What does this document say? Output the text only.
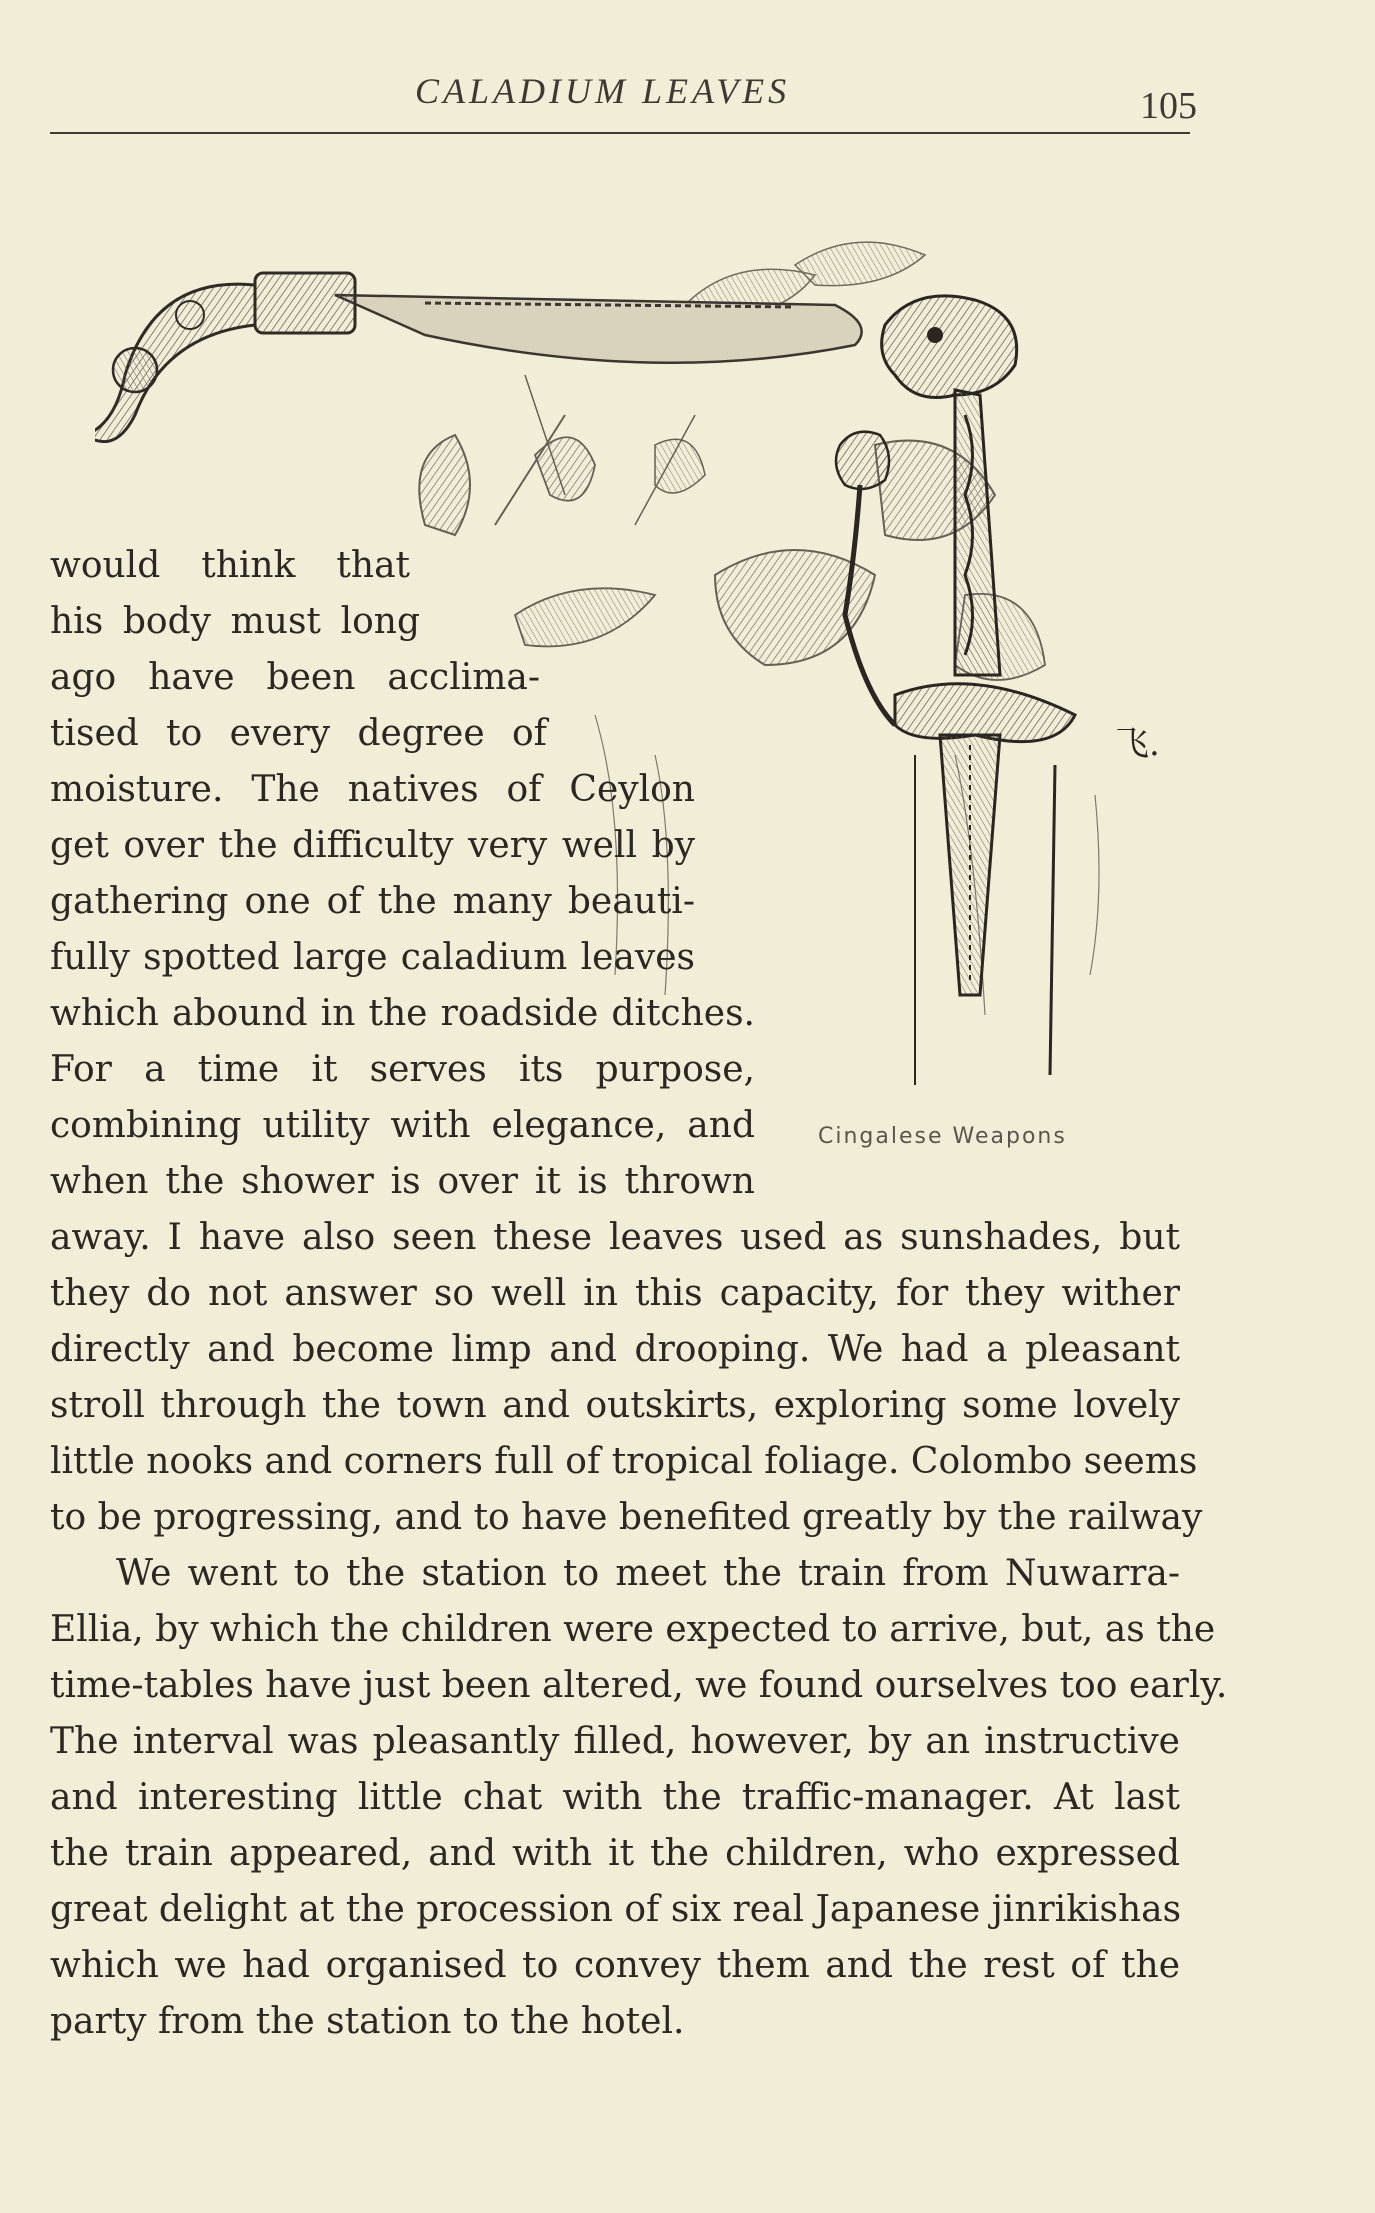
CALADIUM LEAVES	105
飞.
would think that
his body must long
ago have been acclima-
tised to every degree of
moisture. The natives of Ceylon
get over the difficulty very well by
gathering one of the many beauti-
fully spotted large caladium leaves
which abound in the roadside ditches.
For a time it serves its purpose,
combining utility with elegance, and
when the shower is over it is thrown
Cingalese Weapons
away. I have also seen these leaves used as sunshades, but
they do not answer so well in this capacity, for they wither
directly and become limp and drooping. We had a pleasant
stroll through the town and outskirts, exploring some lovely
little nooks and corners full of tropical foliage. Colombo seems
to be progressing, and to have benefited greatly by the railway
We went to the station to meet the train from Nuwarra-
Ellia, by which the children were expected to arrive, but, as the
time-tables have just been altered, we found ourselves too early.
The interval was pleasantly filled, however, by an instructive
and interesting little chat with the traffic-manager. At last
the train appeared, and with it the children, who expressed
great delight at the procession of six real Japanese jinrikishas
which we had organised to convey them and the rest of the
party from the station to the hotel.
